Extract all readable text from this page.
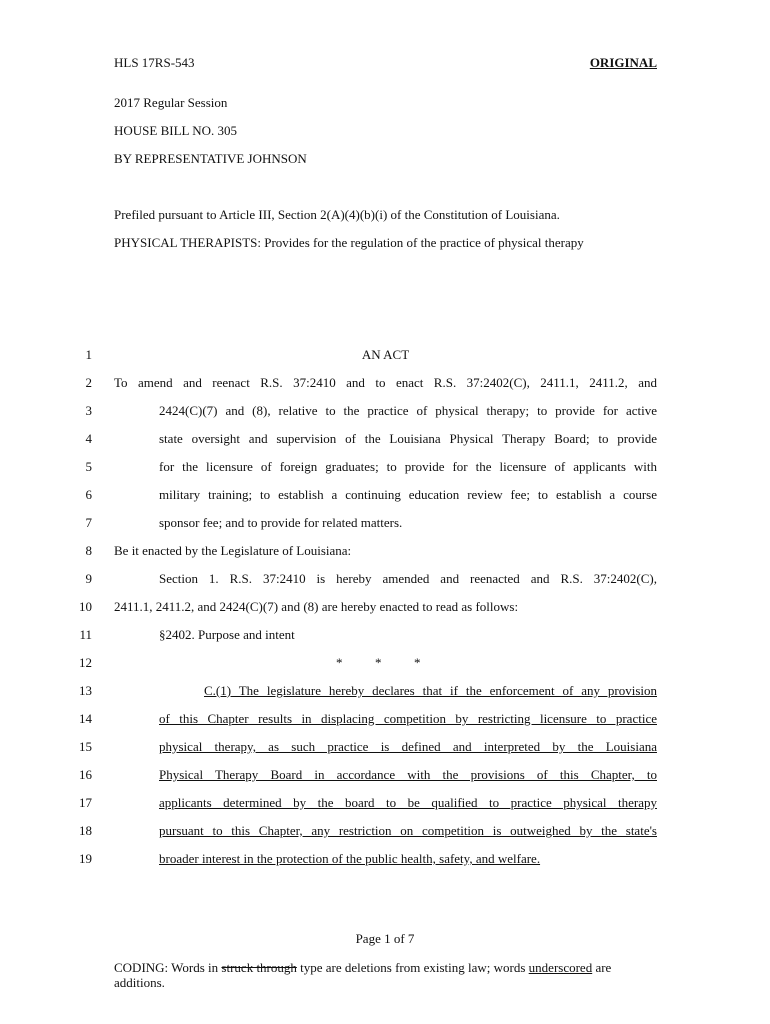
HLS 17RS-543	ORIGINAL
2017 Regular Session
HOUSE BILL NO. 305
BY REPRESENTATIVE JOHNSON
Prefiled pursuant to Article III, Section 2(A)(4)(b)(i) of the Constitution of Louisiana.
PHYSICAL THERAPISTS: Provides for the regulation of the practice of physical therapy
1
2
3
4
5
6
7
8
9
10
11
12
13
14
15
16
17
18
19
AN ACT
To amend and reenact R.S. 37:2410 and to enact R.S. 37:2402(C), 2411.1, 2411.2, and
2424(C)(7) and (8), relative to the practice of physical therapy; to provide for active
state oversight and supervision of the Louisiana Physical Therapy Board; to provide
for the licensure of foreign graduates; to provide for the licensure of applicants with
military training; to establish a continuing education review fee; to establish a course
sponsor fee; and to provide for related matters.
Be it enacted by the Legislature of Louisiana:
Section 1. R.S. 37:2410 is hereby amended and reenacted and R.S. 37:2402(C),
2411.1, 2411.2, and 2424(C)(7) and (8) are hereby enacted to read as follows:
§2402. Purpose and intent
*          *          *
C.(1) The legislature hereby declares that if the enforcement of any provision
of this Chapter results in displacing competition by restricting licensure to practice
physical therapy, as such practice is defined and interpreted by the Louisiana
Physical Therapy Board in accordance with the provisions of this Chapter, to
applicants determined by the board to be qualified to practice physical therapy
pursuant to this Chapter, any restriction on competition is outweighed by the state's
broader interest in the protection of the public health, safety, and welfare.
Page 1 of 7
CODING: Words in struck through type are deletions from existing law; words underscored are additions.
